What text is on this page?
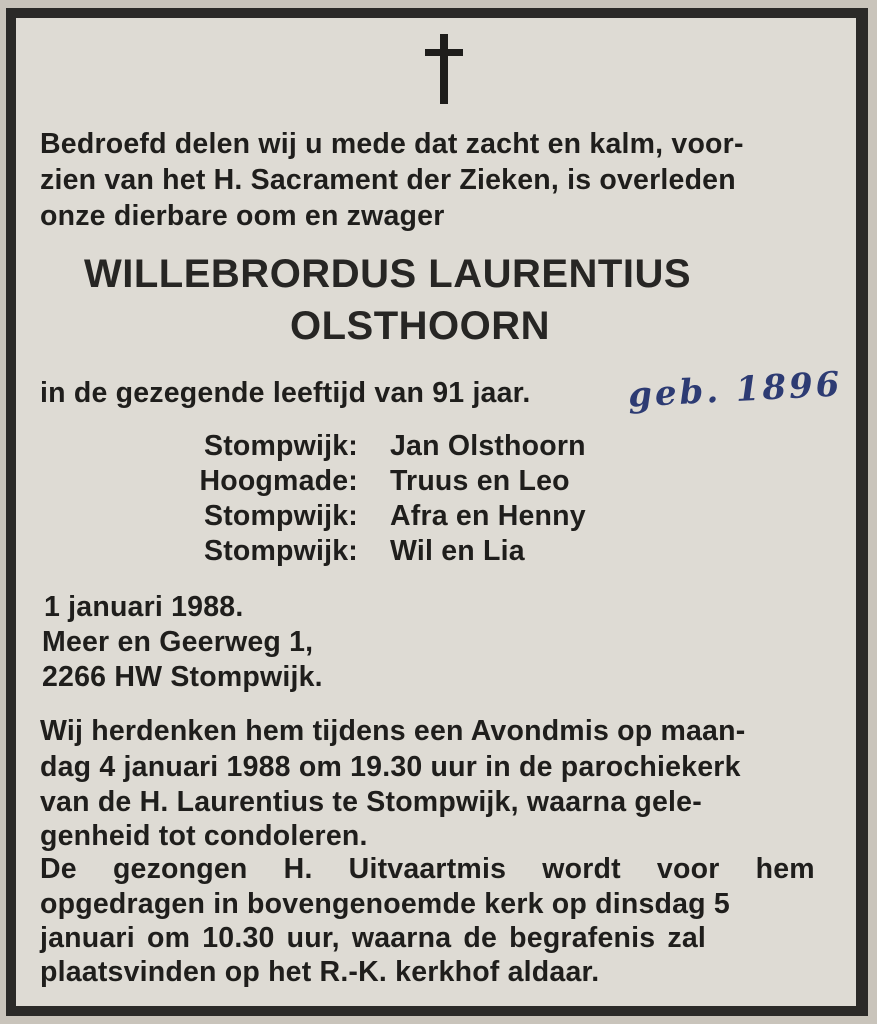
Bedroefd delen wij u mede dat zacht en kalm, voor-
zien van het H. Sacrament der Zieken, is overleden
onze dierbare oom en zwager
WILLEBRORDUS LAURENTIUS
OLSTHOORN
in de gezegende leeftijd van 91 jaar.	geb. 1896
Stompwijk: Jan Olsthoorn
Hoogmade: Truus en Leo
Stompwijk: Afra en Henny
Stompwijk: Wil en Lia
1 januari 1988.
Meer en Geerweg 1,
2266 HW Stompwijk.
Wij herdenken hem tijdens een Avondmis op maan-
dag 4 januari 1988 om 19.30 uur in de parochiekerk
van de H. Laurentius te Stompwijk, waarna gele-
genheid tot condoleren.
De gezongen H. Uitvaartmis wordt voor hem
opgedragen in bovengenoemde kerk op dinsdag 5
januari om 10.30 uur, waarna de begrafenis zal
plaatsvinden op het R.-K. kerkhof aldaar.
